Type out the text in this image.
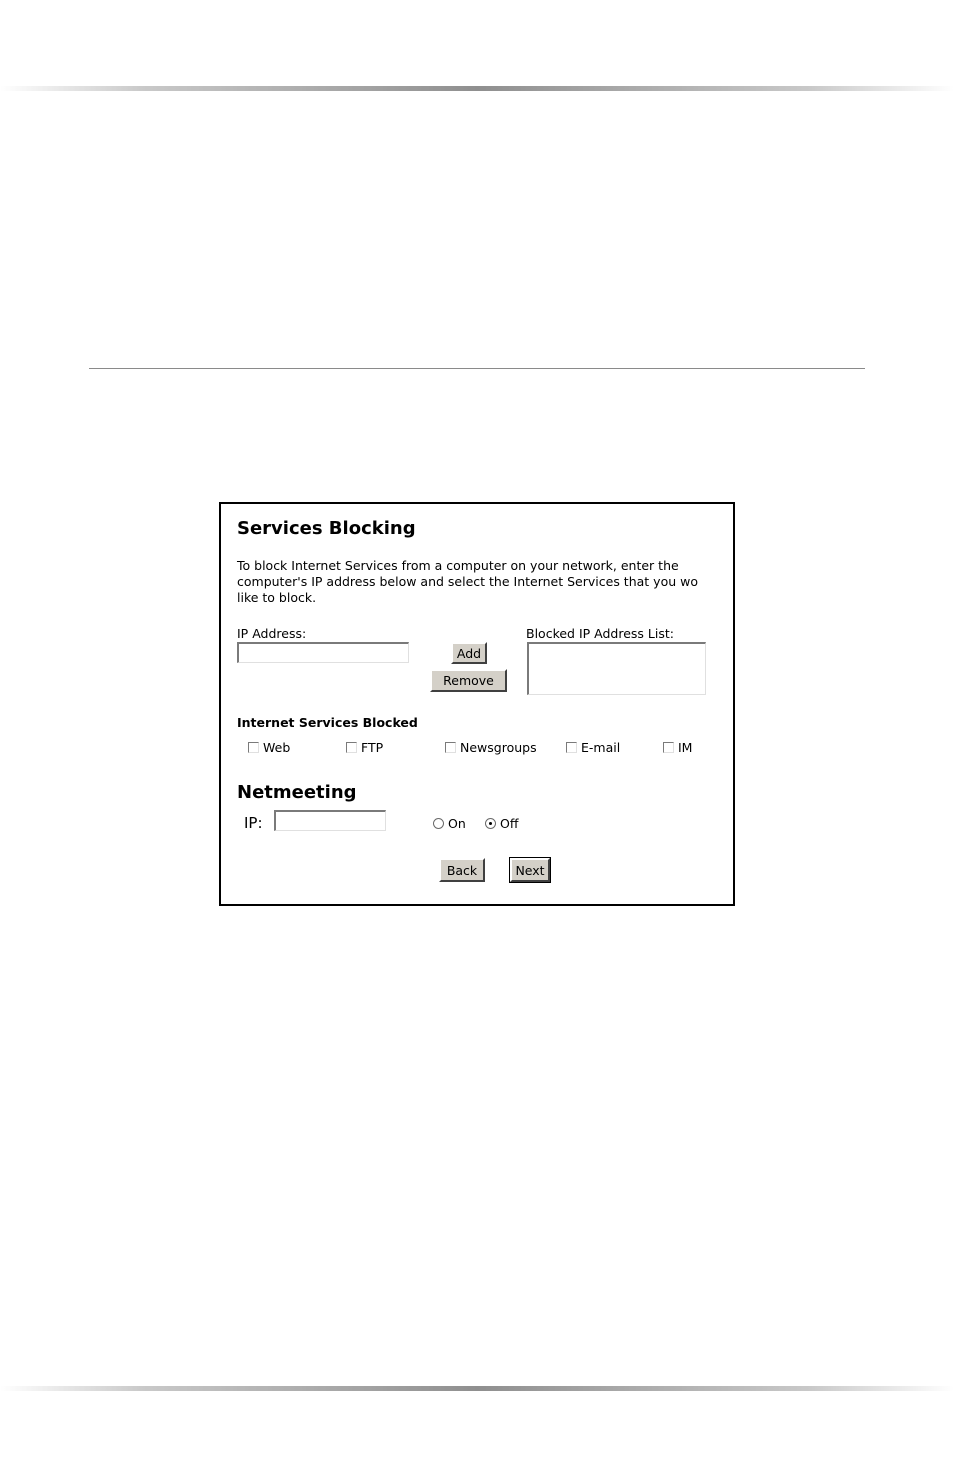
Services Blocking
To block Internet Services from a computer on your network, enter the
computer's IP address below and select the Internet Services that you wo
like to block.
IP Address:
Add
Remove
Blocked IP Address List:
Internet Services Blocked
Web	FTP	Newsgroups	E-mail	IM
Netmeeting
IP:	On	Off
Back	Next
